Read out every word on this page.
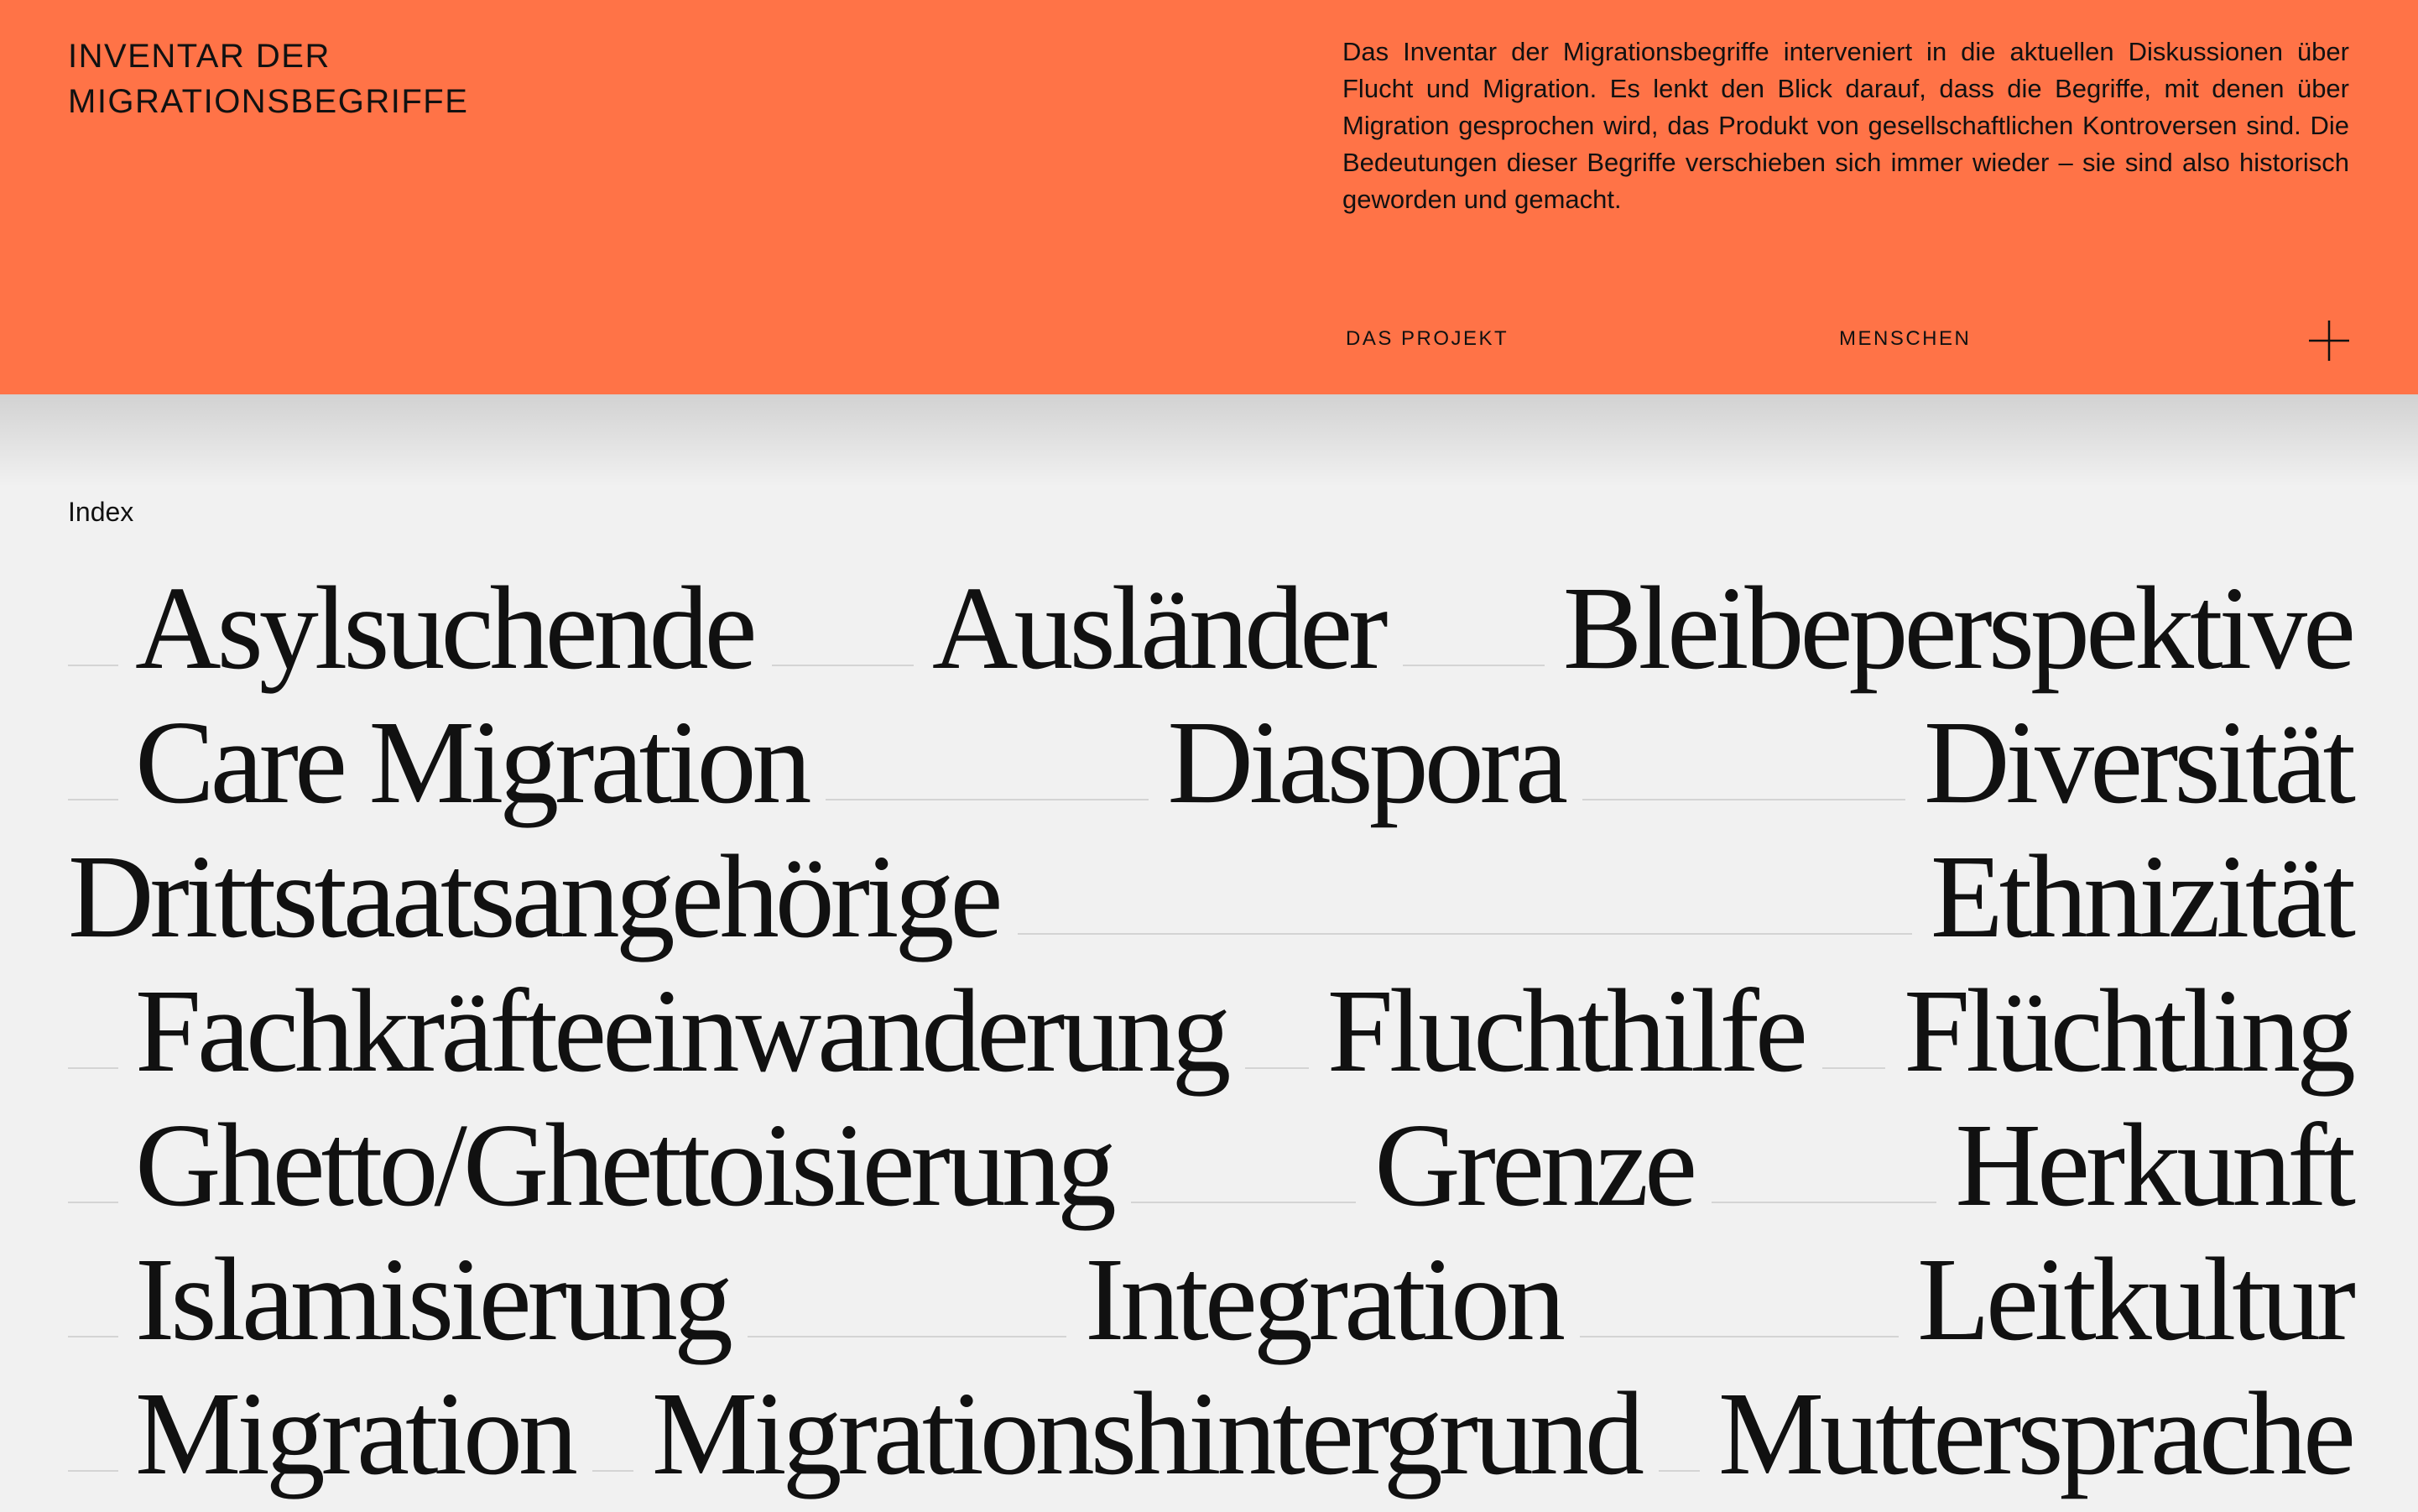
INVENTAR DER
MIGRATIONSBEGRIFFE

Das Inventar der Migrationsbegriffe interveniert in die aktuellen Diskussionen über Flucht und Migration. Es lenkt den Blick darauf, dass die Begriffe, mit denen über Migration gesprochen wird, das Produkt von gesellschaftlichen Kontroversen sind. Die Bedeutungen dieser Begriffe verschieben sich immer wieder – sie sind also historisch geworden und gemacht.

DAS PROJEKT	MENSCHEN

Index

Asylsuchende Ausländer Bleibeperspektive
Care Migration	Diaspora	Diversität
Drittstaatsangehörige	Ethnizität
Fachkräfteeinwanderung Fluchthilfe Flüchtling
Ghetto/Ghettoisierung Grenze Herkunft
Islamisierung	Integration	Leitkultur
Migration Migrationshintergrund Muttersprache
